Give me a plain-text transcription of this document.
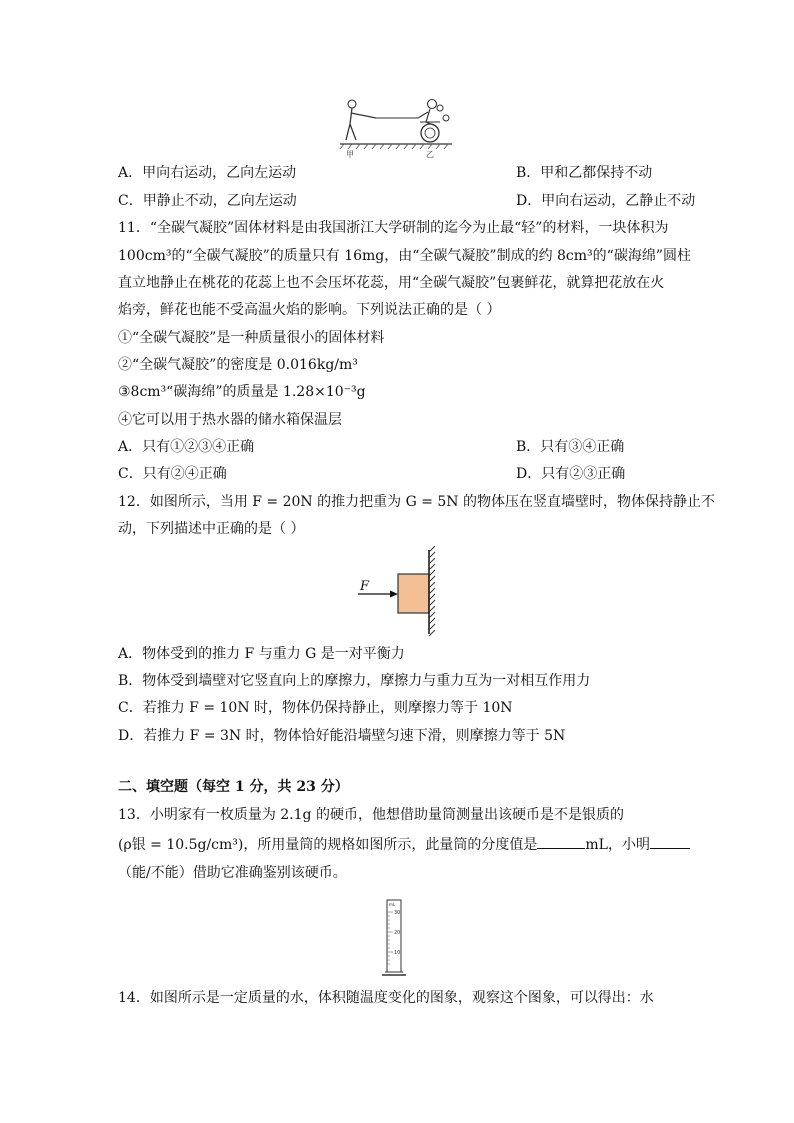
甲	乙
A．甲向右运动，乙向左运动	B．甲和乙都保持不动
C．甲静止不动，乙向左运动	D．甲向右运动，乙静止不动
11．“全碳气凝胶”固体材料是由我国浙江大学研制的迄今为止最“轻”的材料，一块体积为
100cm³的“全碳气凝胶”的质量只有 16mg，由“全碳气凝胶”制成的约 8cm³的“碳海绵”圆柱
直立地静止在桃花的花蕊上也不会压坏花蕊，用“全碳气凝胶”包裹鲜花，就算把花放在火
焰旁，鲜花也能不受高温火焰的影响。下列说法正确的是（ ）
①“全碳气凝胶”是一种质量很小的固体材料
②“全碳气凝胶”的密度是 0.016kg/m³
③8cm³“碳海绵”的质量是 1.28×10⁻³g
④它可以用于热水器的储水箱保温层
A．只有①②③④正确	B．只有③④正确
C．只有②④正确	D．只有②③正确
12．如图所示，当用 F = 20N 的推力把重为 G = 5N 的物体压在竖直墙壁时，物体保持静止不
动，下列描述中正确的是（ ）
F
A．物体受到的推力 F 与重力 G 是一对平衡力
B．物体受到墙壁对它竖直向上的摩擦力，摩擦力与重力互为一对相互作用力
C．若推力 F = 10N 时，物体仍保持静止，则摩擦力等于 10N
D．若推力 F = 3N 时，物体恰好能沿墙壁匀速下滑，则摩擦力等于 5N
二、填空题（每空 1 分，共 23 分）
13．小明家有一枚质量为 2.1g 的硬币，他想借助量筒测量出该硬币是不是银质的
(ρ银 = 10.5g/cm³)，所用量筒的规格如图所示，此量筒的分度值是	mL，小明
（能/不能）借助它准确鉴别该硬币。
mL
30
20
10
14．如图所示是一定质量的水，体积随温度变化的图象，观察这个图象，可以得出：水
